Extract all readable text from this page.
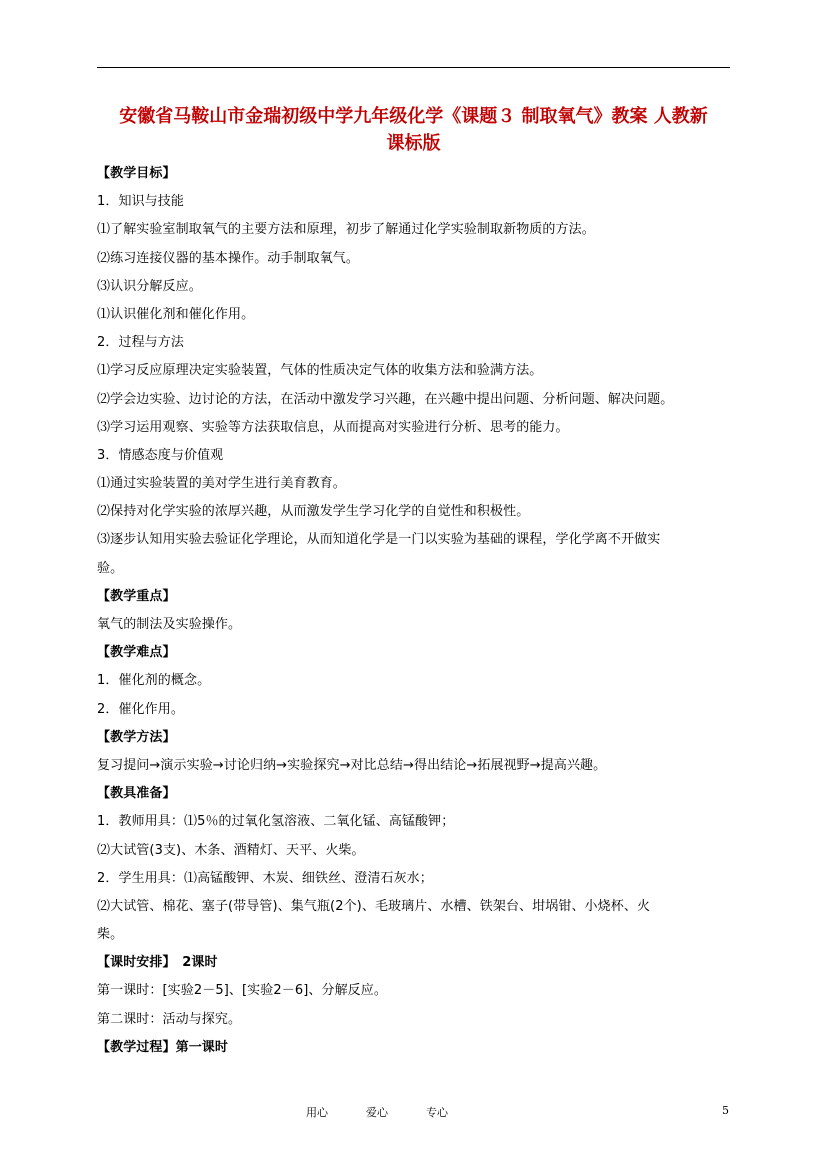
安徽省马鞍山市金瑞初级中学九年级化学《课题３ 制取氧气》教案 人教新
课标版
【教学目标】
1．知识与技能
⑴了解实验室制取氧气的主要方法和原理，初步了解通过化学实验制取新物质的方法。
⑵练习连接仪器的基本操作。动手制取氧气。
⑶认识分解反应。
⑴认识催化剂和催化作用。
2．过程与方法
⑴学习反应原理决定实验装置，气体的性质决定气体的收集方法和验满方法。
⑵学会边实验、边讨论的方法，在活动中激发学习兴趣，在兴趣中提出问题、分析问题、解决问题。
⑶学习运用观察、实验等方法获取信息，从而提高对实验进行分析、思考的能力。
3．情感态度与价值观
⑴通过实验装置的美对学生进行美育教育。
⑵保持对化学实验的浓厚兴趣，从而激发学生学习化学的自觉性和积极性。
⑶逐步认知用实验去验证化学理论，从而知道化学是一门以实验为基础的课程，学化学离不开做实
验。
【教学重点】
氧气的制法及实验操作。
【教学难点】
1．催化剂的概念。
2．催化作用。
【教学方法】
复习提问→演示实验→讨论归纳→实验探究→对比总结→得出结论→拓展视野→提高兴趣。
【教具准备】
1．教师用具：⑴5％的过氧化氢溶液、二氧化锰、高锰酸钾；
⑵大试管(3支)、木条、酒精灯、天平、火柴。
2．学生用具：⑴高锰酸钾、木炭、细铁丝、澄清石灰水；
⑵大试管、棉花、塞子(带导管)、集气瓶(2个)、毛玻璃片、水槽、铁架台、坩埚钳、小烧杯、火
柴。
【课时安排】　2课时
第一课时：[实验2－5]、[实验2－6]、分解反应。
第二课时：活动与探究。
【教学过程】第一课时
用心	爱心	专心	5
